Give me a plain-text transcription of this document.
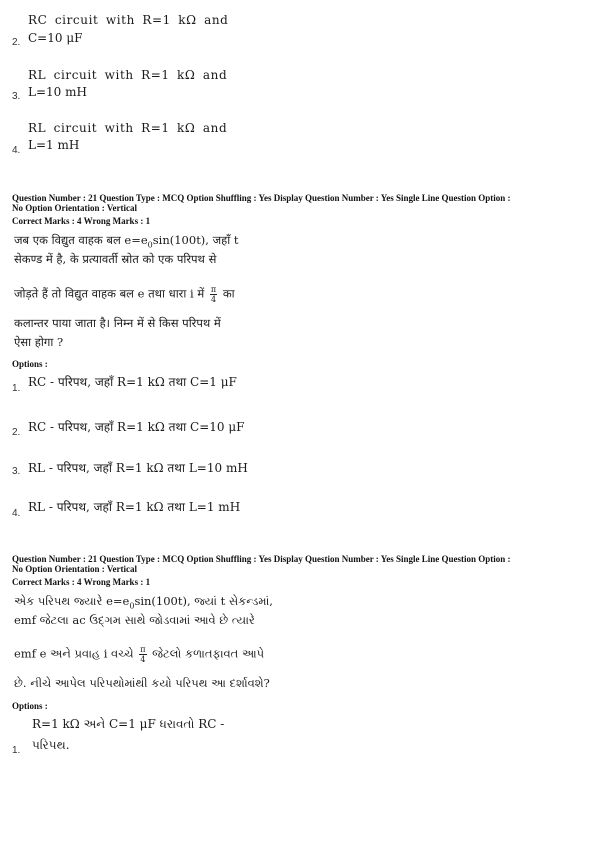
RC circuit with R=1 kΩ and
2. C=10 μF
RL circuit with R=1 kΩ and
3. L=10 mH
RL circuit with R=1 kΩ and
4. L=1 mH
Question Number : 21 Question Type : MCQ Option Shuffling : Yes Display Question Number : Yes Single Line Question Option :
No Option Orientation : Vertical
Correct Marks : 4 Wrong Marks : 1
जब एक विद्युत वाहक बल $e=e_0\sin(100t)$, जहाँ t
सेकण्ड में है, के प्रत्यावर्ती स्रोत को एक परिपथ से
जोड़ते हैं तो विद्युत वाहक बल e तथा धारा i में $\frac{\pi}{4}$ का
कलान्तर पाया जाता है। निम्न में से किस परिपथ में
ऐसा होगा ?
Options :
1. RC - परिपथ, जहाँ R=1 kΩ तथा C=1 μF
2. RC - परिपथ, जहाँ R=1 kΩ तथा C=10 μF
3. RL - परिपथ, जहाँ R=1 kΩ तथा L=10 mH
4. RL - परिपथ, जहाँ R=1 kΩ तथा L=1 mH
Question Number : 21 Question Type : MCQ Option Shuffling : Yes Display Question Number : Yes Single Line Question Option :
No Option Orientation : Vertical
Correct Marks : 4 Wrong Marks : 1
એક પરિપથ જ્યારે $e=e_0\sin(100t)$, જ્યાં t સેકન્ડમાં,
emf જેટલા ac ઉદ્‌ગમ સાથે જોડવામાં આવે છે ત્યારે
emf e અને પ્રવાહ i વચ્ચે $\frac{\pi}{4}$ જેટલો કળાતફાવત આપે
છે. નીચે આપેલ પરિપથોમાંથી કયો પરિપથ આ દર્શાવશે?
Options :
R=1 kΩ અને C=1 μF ધરાવતો RC -
1. પરિપથ.
